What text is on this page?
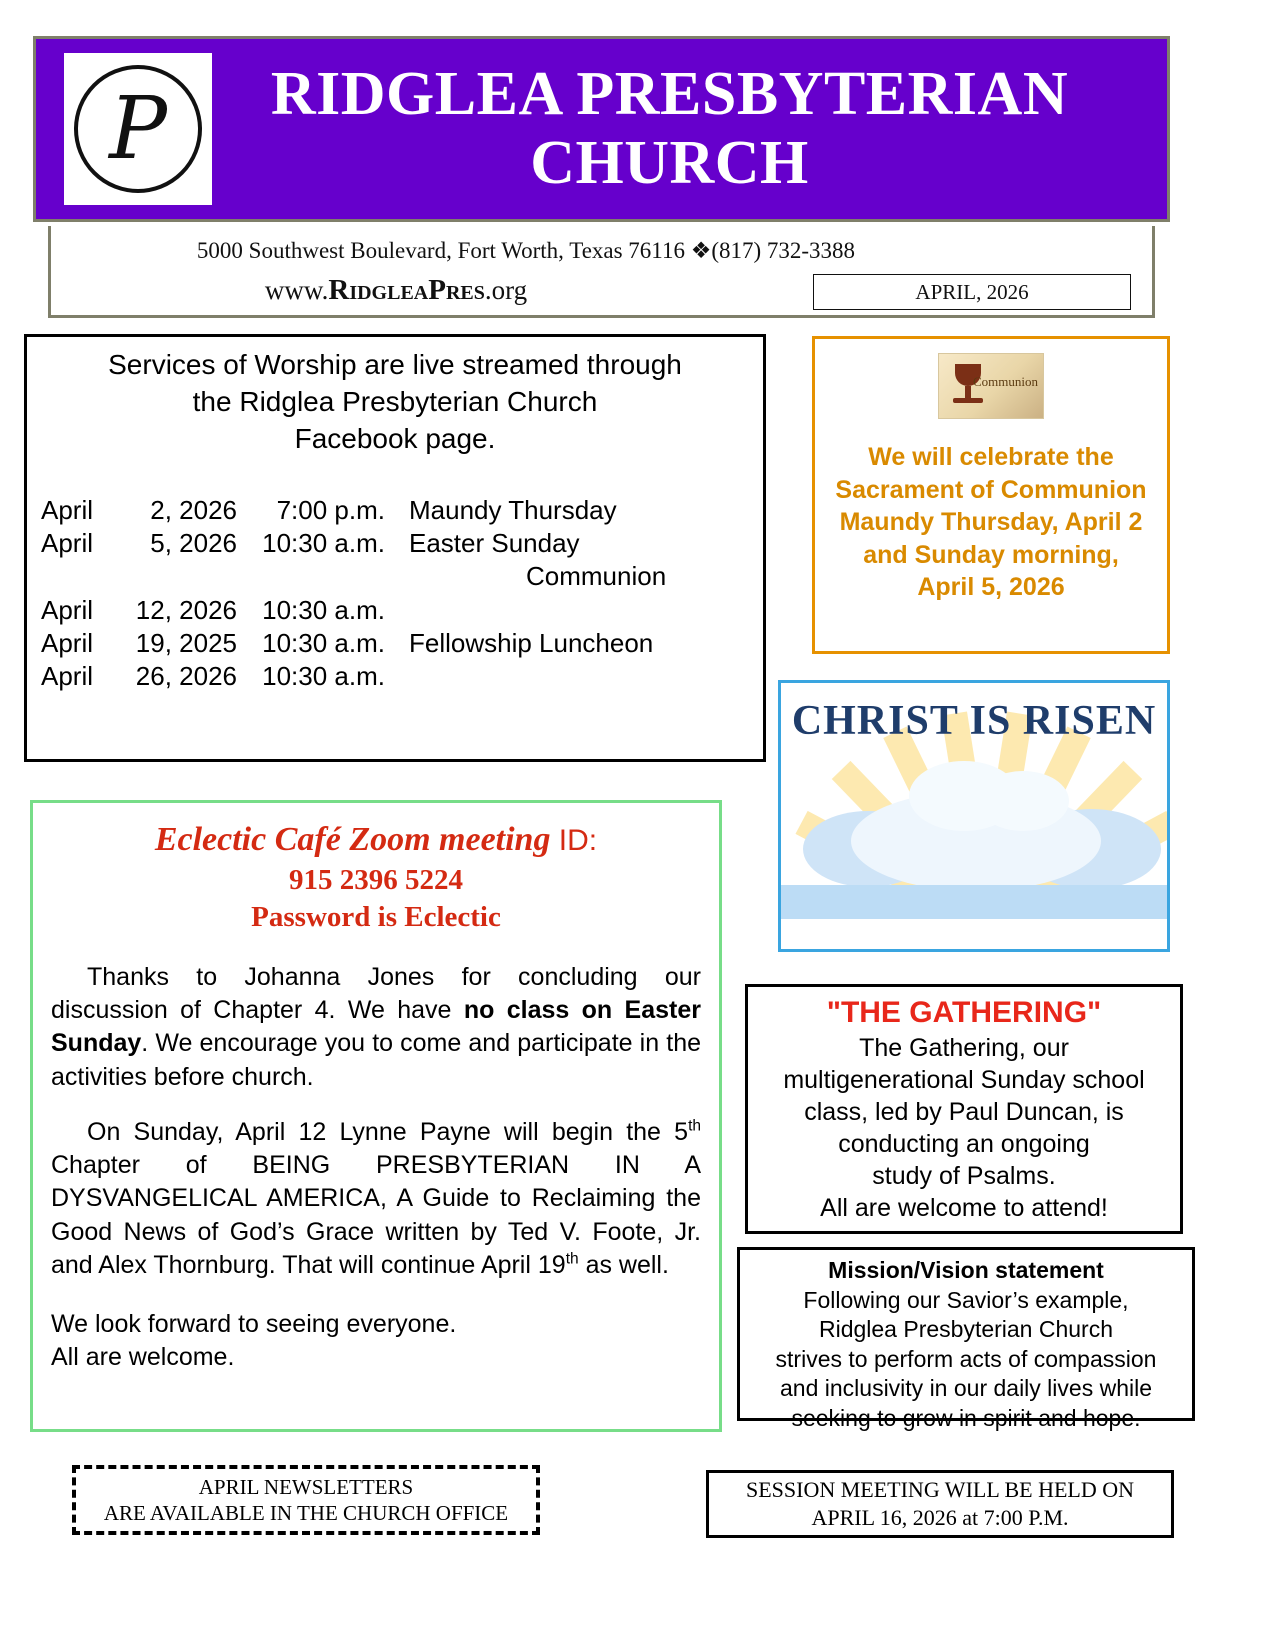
P	RIDGLEA PRESBYTERIAN CHURCH
5000 Southwest Boulevard, Fort Worth, Texas 76116 ❖(817) 732-3388
www.RidgleaPres.org	APRIL, 2026
Services of Worship are live streamed through
the Ridglea Presbyterian Church
Facebook page.
April	2, 2026	7:00 p.m. Maundy Thursday
April	5, 2026 10:30 a.m. Easter Sunday
Communion
April	12, 2026 10:30 a.m.
April	19, 2025 10:30 a.m. Fellowship Luncheon
April	26, 2026 10:30 a.m.
Communion
We will celebrate the
Sacrament of Communion
Maundy Thursday, April 2
and Sunday morning,
April 5, 2026
CHRIST IS RISEN
Eclectic Café Zoom meeting ID:
915 2396 5224
Password is Eclectic
Thanks to Johanna Jones for concluding our discussion of Chapter 4. We have no class on Easter Sunday. We encourage you to come and participate in the activities before church.
On Sunday, April 12 Lynne Payne will begin the 5th Chapter of BEING PRESBYTERIAN IN A DYSVANGELICAL AMERICA, A Guide to Reclaiming the Good News of God’s Grace written by Ted V. Foote, Jr. and Alex Thornburg. That will continue April 19th as well.
We look forward to seeing everyone.
All are welcome.
"THE GATHERING"
The Gathering, our
multigenerational Sunday school
class, led by Paul Duncan, is
conducting an ongoing
study of Psalms.
All are welcome to attend!
Mission/Vision statement
Following our Savior’s example,
Ridglea Presbyterian Church
strives to perform acts of compassion
and inclusivity in our daily lives while
seeking to grow in spirit and hope.
APRIL NEWSLETTERS
ARE AVAILABLE IN THE CHURCH OFFICE
SESSION MEETING WILL BE HELD ON
APRIL 16, 2026 at 7:00 P.M.
